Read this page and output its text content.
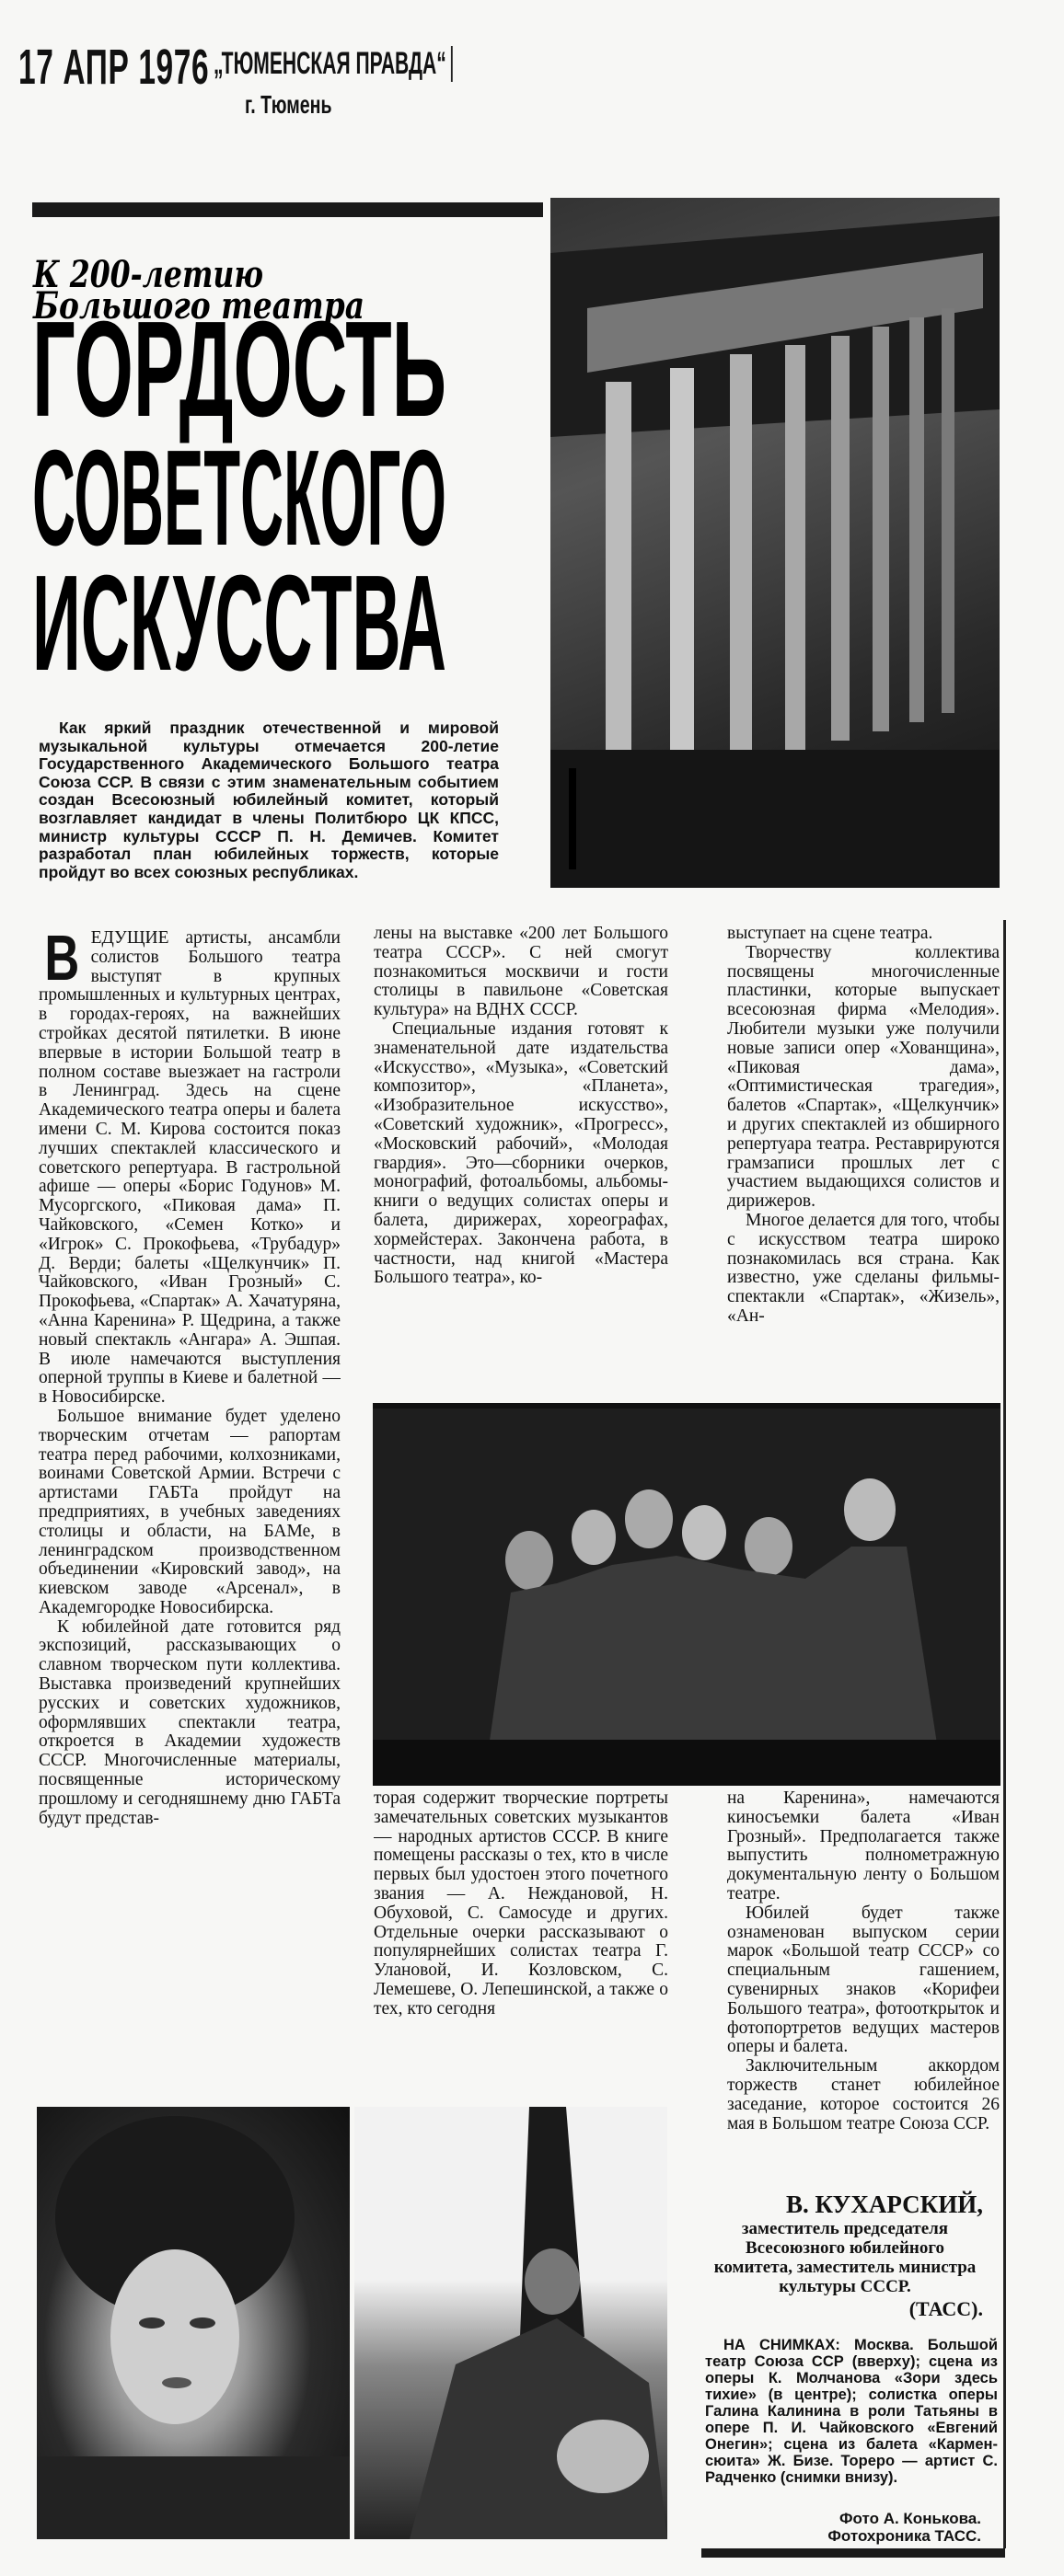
17 АПР 1976 „ТЮМЕНСКАЯ ПРАВДА“
г. Тюмень
К 200-летию
Большого театра
ГОРДОСТЬ
СОВЕТСКОГО
ИСКУССТВА

Как яркий праздник отечественной и мировой музыкальной культуры отмечается 200-летие Государственного Академического Большого театра Союза ССР. В связи с этим знаменательным событием создан Всесоюзный юбилейный комитет, который возглавляет кандидат в члены Политбюро ЦК КПСС, министр культуры СССР П. Н. Демичев. Комитет разработал план юбилейных торжеств, которые пройдут во всех союзных республиках.

ВЕДУЩИЕ артисты, ансамбли солистов Большого театра выступят в крупных промышленных и культурных центрах, в городах-героях, на важнейших стройках десятой пятилетки. В июне впервые в истории Большой театр в полном составе выезжает на гастроли в Ленинград. Здесь на сцене Академического театра оперы и балета имени С. М. Кирова состоится показ лучших спектаклей классического и советского репертуара. В гастрольной афише — оперы «Борис Годунов» М. Мусоргского, «Пиковая дама» П. Чайковского, «Семен Котко» и «Игрок» С. Прокофьева, «Трубадур» Д. Верди; балеты «Щелкунчик» П. Чайковского, «Иван Грозный» С. Прокофьева, «Спартак» А. Хачатуряна, «Анна Каренина» Р. Щедрина, а также новый спектакль «Ангара» А. Эшпая. В июле намечаются выступления оперной труппы в Киеве и балетной — в Новосибирске.

Большое внимание будет уделено творческим отчетам — рапортам театра перед рабочими, колхозниками, воинами Советской Армии. Встречи с артистами ГАБТа пройдут на предприятиях, в учебных заведениях столицы и области, на БАМе, в ленинградском производственном объединении «Кировский завод», на киевском заводе «Арсенал», в Академгородке Новосибирска.

К юбилейной дате готовится ряд экспозиций, рассказывающих о славном творческом пути коллектива. Выставка произведений крупнейших русских и советских художников, оформлявших спектакли театра, откроется в Академии художеств СССР. Многочисленные материалы, посвященные историческому прошлому и сегодняшнему дню ГАБТа будут представ-

лены на выставке «200 лет Большого театра СССР». С ней смогут познакомиться москвичи и гости столицы в павильоне «Советская культура» на ВДНХ СССР.

Специальные издания готовят к знаменательной дате издательства «Искусство», «Музыка», «Советский композитор», «Планета», «Изобразительное искусство», «Советский художник», «Прогресс», «Московский рабочий», «Молодая гвардия». Это—сборники очерков, монографий, фотоальбомы, альбомы-книги о ведущих солистах оперы и балета, дирижерах, хореографах, хормейстерах. Закончена работа, в частности, над книгой «Мастера Большого театра», ко-

выступает на сцене театра.

Творчеству коллектива посвящены многочисленные пластинки, которые выпускает всесоюзная фирма «Мелодия». Любители музыки уже получили новые записи опер «Хованщина», «Пиковая дама», «Оптимистическая трагедия», балетов «Спартак», «Щелкунчик» и других спектаклей из обширного репертуара театра. Реставрируются грамзаписи прошлых лет с участием выдающихся солистов и дирижеров.

Многое делается для того, чтобы с искусством театра широко познакомилась вся страна. Как известно, уже сделаны фильмы-спектакли «Спартак», «Жизель», «Ан-

торая содержит творческие портреты замечательных советских музыкантов — народных артистов СССР. В книге помещены рассказы о тех, кто в числе первых был удостоен этого почетного звания — А. Неждановой, Н. Обуховой, С. Самосуде и других. Отдельные очерки рассказывают о популярнейших солистах театра Г. Улановой, И. Козловском, С. Лемешеве, О. Лепешинской, а также о тех, кто сегодня

на Каренина», намечаются киносъемки балета «Иван Грозный». Предполагается также выпустить полнометражную документальную ленту о Большом театре.

Юбилей будет также ознаменован выпуском серии марок «Большой театр СССР» со специальным гашением, сувенирных знаков «Корифеи Большого театра», фотооткрыток и фотопортретов ведущих мастеров оперы и балета.

Заключительным аккордом торжеств станет юбилейное заседание, которое состоится 26 мая в Большом театре Союза ССР.

В. КУХАРСКИЙ,
заместитель председателя Всесоюзного юбилейного комитета, заместитель министра культуры СССР.
(ТАСС).
НА СНИМКАХ: Москва. Большой театр Союза ССР (вверху); сцена из оперы К. Молчанова «Зори здесь тихие» (в центре); солистка оперы Галина Калинина в роли Татьяны в опере П. И. Чайковского «Евгений Онегин»; сцена из балета «Кармен-сюита» Ж. Бизе. Тореро — артист С. Радченко (снимки внизу).
Фото А. Конькова.
Фотохроника ТАСС.
